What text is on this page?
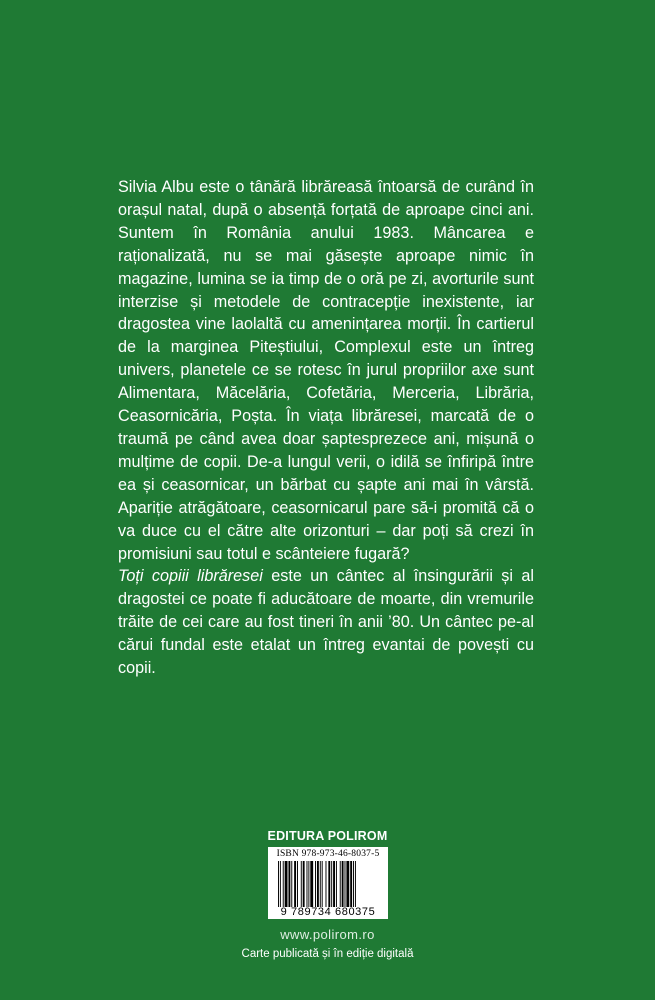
Silvia Albu este o tânără librăreasă întoarsă de curând în orașul natal, după o absență forțată de aproape cinci ani. Suntem în România anului 1983. Mâncarea e raționalizată, nu se mai găsește aproape nimic în magazine, lumina se ia timp de o oră pe zi, avorturile sunt interzise și metodele de contracepție inexistente, iar dragostea vine laolaltă cu amenințarea morții. În cartierul de la marginea Piteștiului, Complexul este un întreg univers, planetele ce se rotesc în jurul propriilor axe sunt Alimentara, Măcelăria, Cofetăria, Merceria, Librăria, Ceasornicăria, Poșta. În viața librăresei, marcată de o traumă pe când avea doar șaptesprezece ani, mișună o mulțime de copii. De-a lungul verii, o idilă se înfiripă între ea și ceasornicar, un bărbat cu șapte ani mai în vârstă. Apariție atrăgătoare, ceasornicarul pare să-i promită că o va duce cu el către alte orizonturi – dar poți să crezi în promisiuni sau totul e scânteiere fugară?

Toți copiii librăresei este un cântec al însingurării și al dragostei ce poate fi aducătoare de moarte, din vremurile trăite de cei care au fost tineri în anii ’80. Un cântec pe-al cărui fundal este etalat un întreg evantai de povești cu copii.

EDITURA POLIROM
ISBN 978-973-46-8037-5
9 789734 680375
www.polirom.ro
Carte publicată și în ediție digitală
